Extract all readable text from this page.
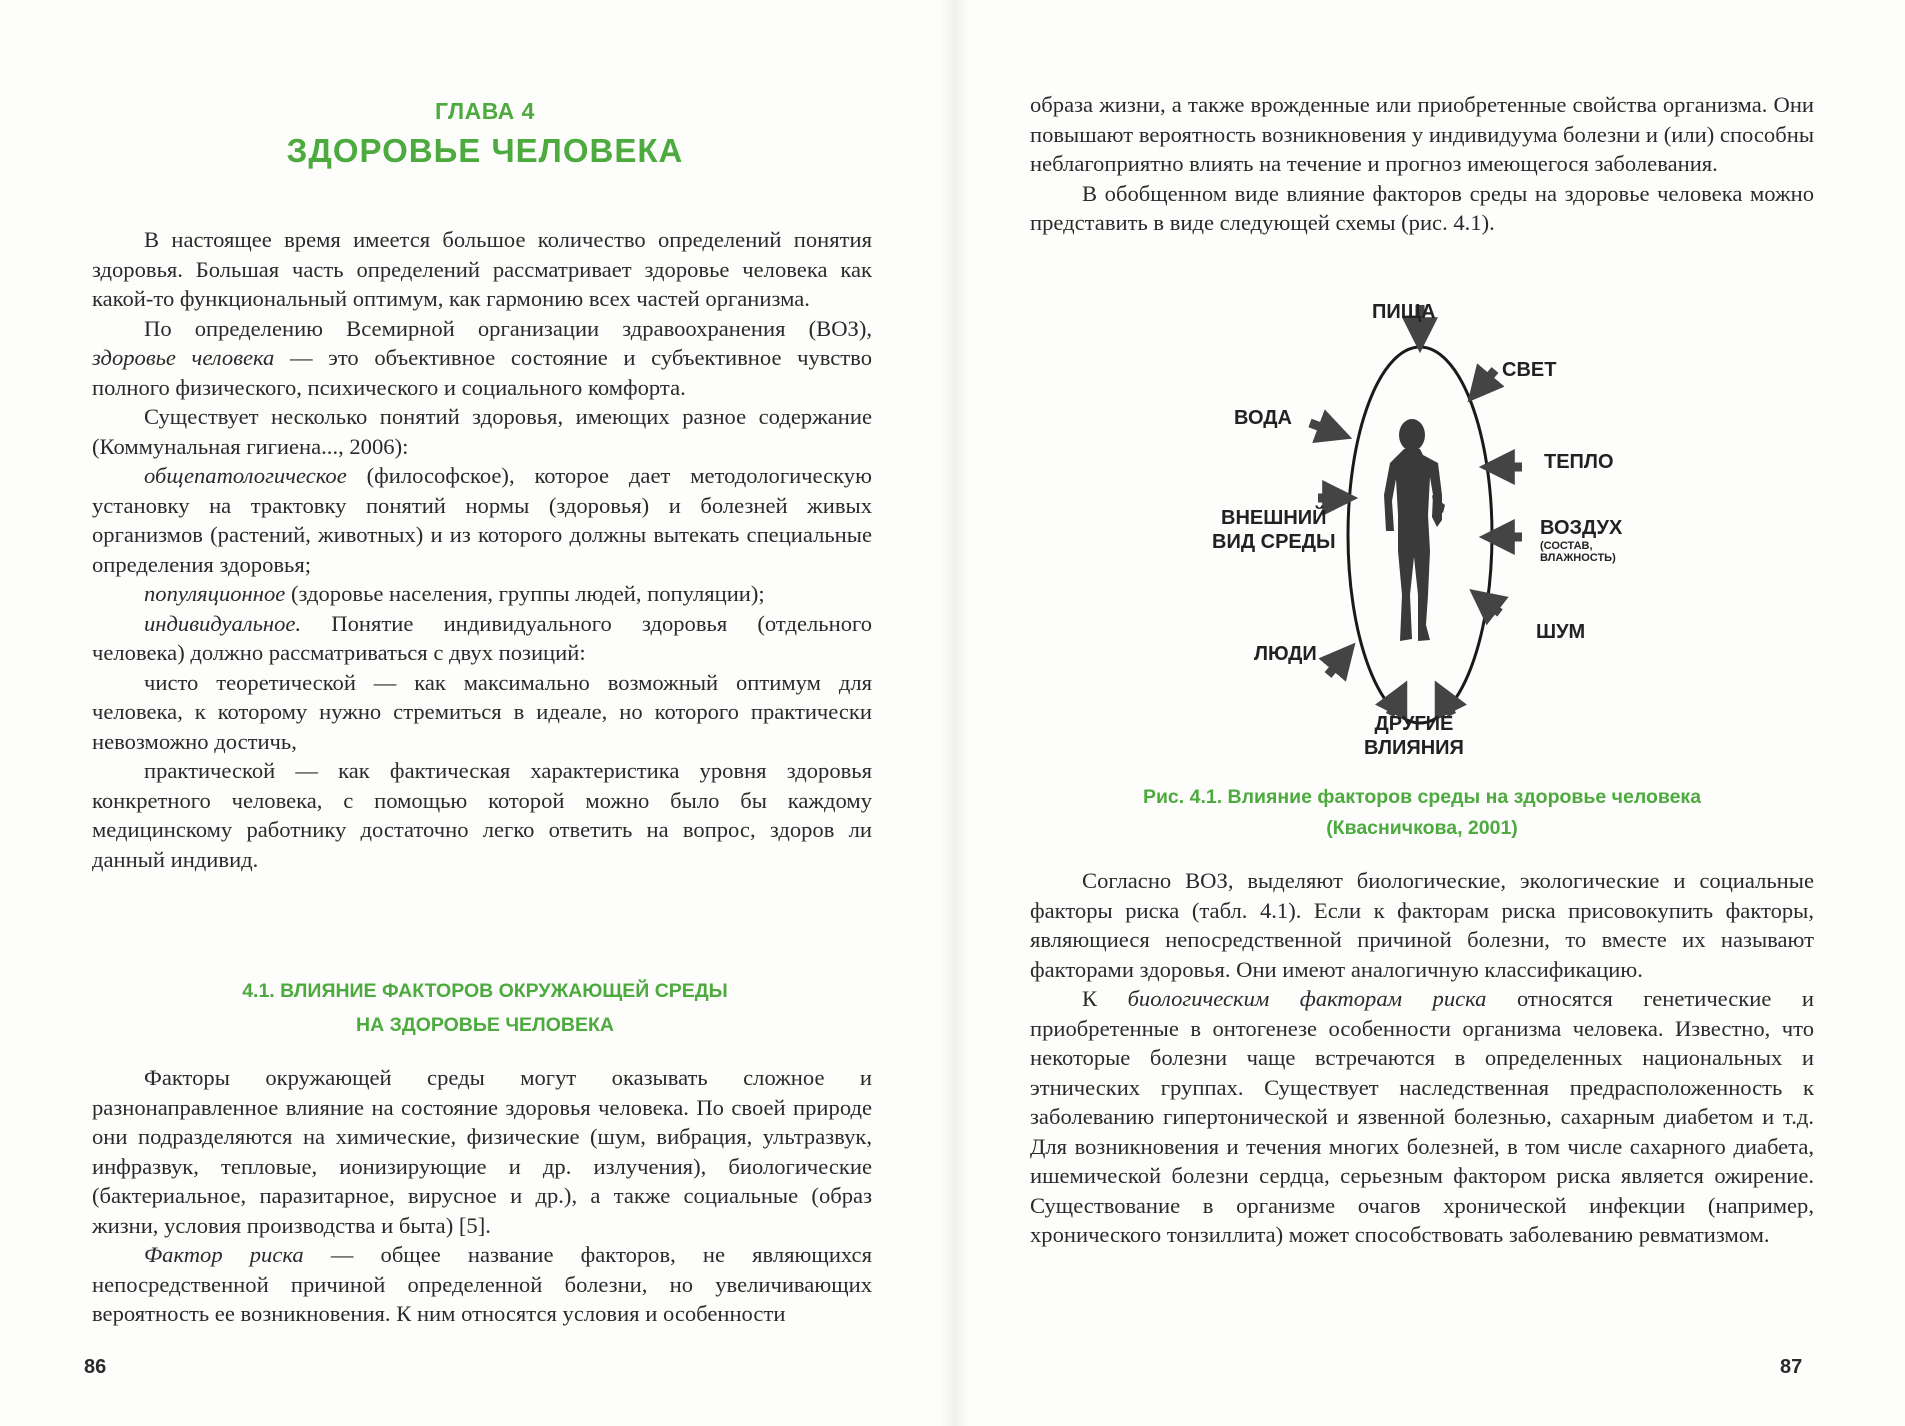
ГЛАВА 4
ЗДОРОВЬЕ ЧЕЛОВЕКА

В настоящее время имеется большое количество определений понятия здоровья. Большая часть определений рассматривает здоровье человека как какой-то функциональный оптимум, как гармонию всех частей организма.

По определению Всемирной организации здравоохранения (ВОЗ), здоровье человека — это объективное состояние и субъективное чувство полного физического, психического и социального комфорта.

Существует несколько понятий здоровья, имеющих разное содержание (Коммунальная гигиена..., 2006):

общепатологическое (философское), которое дает методологическую установку на трактовку понятий нормы (здоровья) и болезней живых организмов (растений, животных) и из которого должны вытекать специальные определения здоровья;

популяционное (здоровье населения, группы людей, популяции);

индивидуальное. Понятие индивидуального здоровья (отдельного человека) должно рассматриваться с двух позиций:

чисто теоретической — как максимально возможный оптимум для человека, к которому нужно стремиться в идеале, но которого практически невозможно достичь,

практической — как фактическая характеристика уровня здоровья конкретного человека, с помощью которой можно было бы каждому медицинскому работнику достаточно легко ответить на вопрос, здоров ли данный индивид.

4.1. ВЛИЯНИЕ ФАКТОРОВ ОКРУЖАЮЩЕЙ СРЕДЫ
НА ЗДОРОВЬЕ ЧЕЛОВЕКА

Факторы окружающей среды могут оказывать сложное и разнонаправленное влияние на состояние здоровья человека. По своей природе они подразделяются на химические, физические (шум, вибрация, ультразвук, инфразвук, тепловые, ионизирующие и др. излучения), биологические (бактериальное, паразитарное, вирусное и др.), а также социальные (образ жизни, условия производства и быта) [5].

Фактор риска — общее название факторов, не являющихся непосредственной причиной определенной болезни, но увеличивающих вероятность ее возникновения. К ним относятся условия и особенности

86

образа жизни, а также врожденные или приобретенные свойства организма. Они повышают вероятность возникновения у индивидуума болезни и (или) способны неблагоприятно влиять на течение и прогноз имеющегося заболевания.

В обобщенном виде влияние факторов среды на здоровье человека можно представить в виде следующей схемы (рис. 4.1).

ПИЩА
СВЕТ
ВОДА
ТЕПЛО
ВНЕШНИЙ
ВИД СРЕДЫ
ВОЗДУХ
(СОСТАВ,
ВЛАЖНОСТЬ)
ШУМ
ЛЮДИ
ДРУГИЕ
ВЛИЯНИЯ
Рис. 4.1. Влияние факторов среды на здоровье человека
(Квасничкова, 2001)

Согласно ВОЗ, выделяют биологические, экологические и социальные факторы риска (табл. 4.1). Если к факторам риска присовокупить факторы, являющиеся непосредственной причиной болезни, то вместе их называют факторами здоровья. Они имеют аналогичную классификацию.

К биологическим факторам риска относятся генетические и приобретенные в онтогенезе особенности организма человека. Известно, что некоторые болезни чаще встречаются в определенных национальных и этнических группах. Существует наследственная предрасположенность к заболеванию гипертонической и язвенной болезнью, сахарным диабетом и т.д. Для возникновения и течения многих болезней, в том числе сахарного диабета, ишемической болезни сердца, серьезным фактором риска является ожирение. Существование в организме очагов хронической инфекции (например, хронического тонзиллита) может способствовать заболеванию ревматизмом.

87
